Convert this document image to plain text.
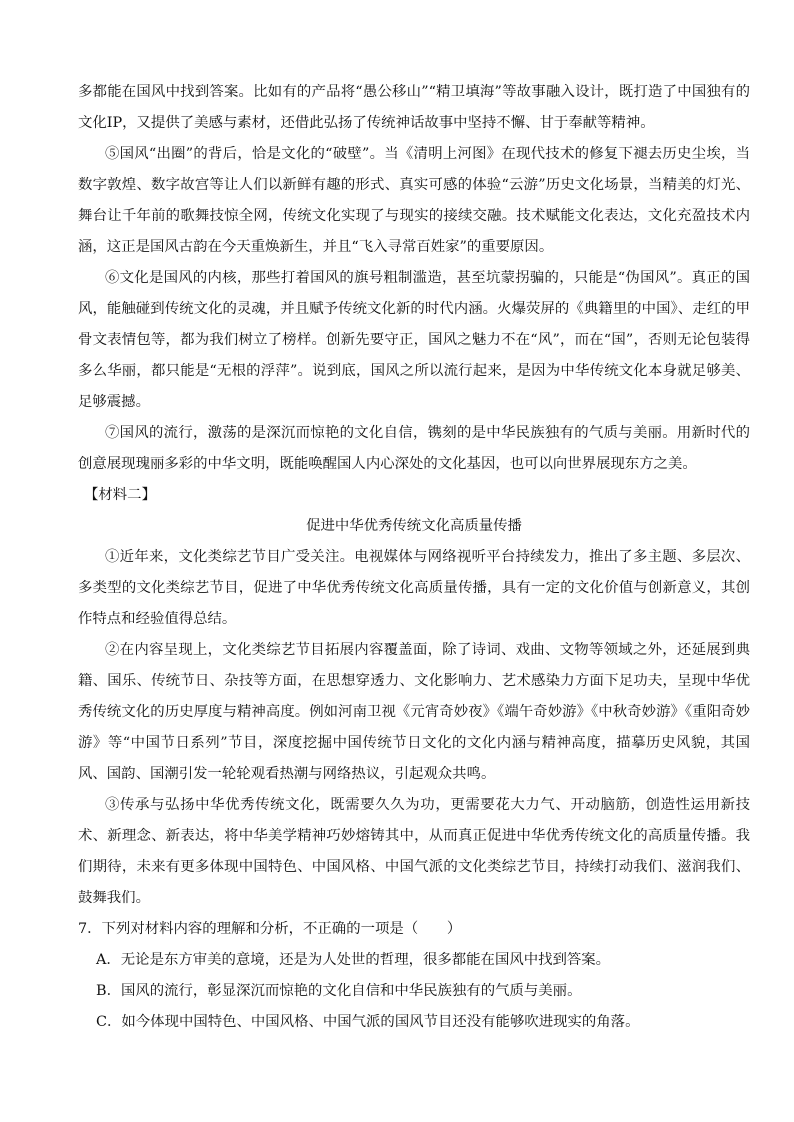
多都能在国风中找到答案。比如有的产品将“愚公移山”“精卫填海”等故事融入设计，既打造了中国独有的文化IP，又提供了美感与素材，还借此弘扬了传统神话故事中坚持不懈、甘于奉献等精神。

⑤国风“出圈”的背后，恰是文化的“破壁”。当《清明上河图》在现代技术的修复下褪去历史尘埃，当数字敦煌、数字故宫等让人们以新鲜有趣的形式、真实可感的体验“云游”历史文化场景，当精美的灯光、舞台让千年前的歌舞技惊全网，传统文化实现了与现实的接续交融。技术赋能文化表达，文化充盈技术内涵，这正是国风古韵在今天重焕新生，并且“飞入寻常百姓家”的重要原因。

⑥文化是国风的内核，那些打着国风的旗号粗制滥造，甚至坑蒙拐骗的，只能是“伪国风”。真正的国风，能触碰到传统文化的灵魂，并且赋予传统文化新的时代内涵。火爆荧屏的《典籍里的中国》、走红的甲骨文表情包等，都为我们树立了榜样。创新先要守正，国风之魅力不在“风”，而在“国”，否则无论包装得多么华丽，都只能是“无根的浮萍”。说到底，国风之所以流行起来，是因为中华传统文化本身就足够美、足够震撼。

⑦国风的流行，激荡的是深沉而惊艳的文化自信，镌刻的是中华民族独有的气质与美丽。用新时代的创意展现瑰丽多彩的中华文明，既能唤醒国人内心深处的文化基因，也可以向世界展现东方之美。

【材料二】

促进中华优秀传统文化高质量传播

①近年来，文化类综艺节目广受关注。电视媒体与网络视听平台持续发力，推出了多主题、多层次、多类型的文化类综艺节目，促进了中华优秀传统文化高质量传播，具有一定的文化价值与创新意义，其创作特点和经验值得总结。

②在内容呈现上，文化类综艺节目拓展内容覆盖面，除了诗词、戏曲、文物等领域之外，还延展到典籍、国乐、传统节日、杂技等方面，在思想穿透力、文化影响力、艺术感染力方面下足功夫，呈现中华优秀传统文化的历史厚度与精神高度。例如河南卫视《元宵奇妙夜》《端午奇妙游》《中秋奇妙游》《重阳奇妙游》等“中国节日系列”节目，深度挖掘中国传统节日文化的文化内涵与精神高度，描摹历史风貌，其国风、国韵、国潮引发一轮轮观看热潮与网络热议，引起观众共鸣。

③传承与弘扬中华优秀传统文化，既需要久久为功，更需要花大力气、开动脑筋，创造性运用新技术、新理念、新表达，将中华美学精神巧妙熔铸其中，从而真正促进中华优秀传统文化的高质量传播。我们期待，未来有更多体现中国特色、中国风格、中国气派的文化类综艺节目，持续打动我们、滋润我们、鼓舞我们。

7．下列对材料内容的理解和分析，不正确的一项是（　　）

A．无论是东方审美的意境，还是为人处世的哲理，很多都能在国风中找到答案。

B．国风的流行，彰显深沉而惊艳的文化自信和中华民族独有的气质与美丽。

C．如今体现中国特色、中国风格、中国气派的国风节目还没有能够吹进现实的角落。
